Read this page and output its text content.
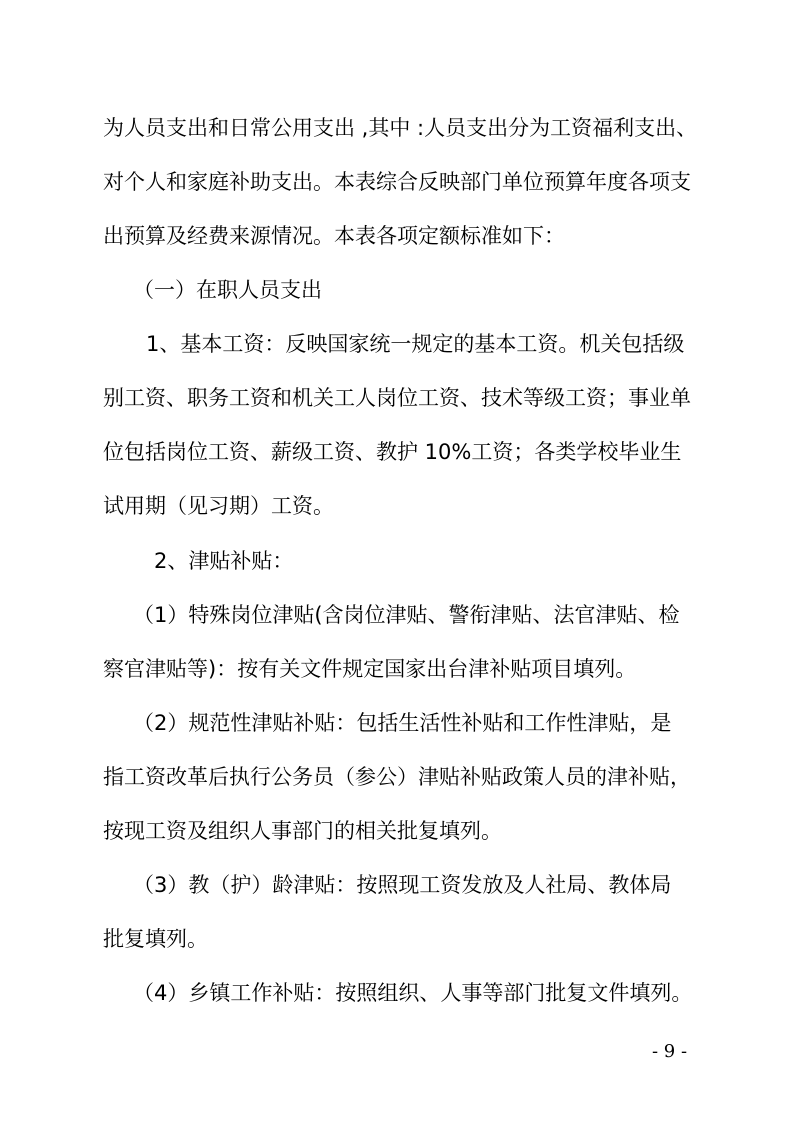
为人员支出和日常公用支出 ,其中 :人员支出分为工资福利支出、
对个人和家庭补助支出。本表综合反映部门单位预算年度各项支
出预算及经费来源情况。本表各项定额标准如下：
（一）在职人员支出
1、基本工资：反映国家统一规定的基本工资。机关包括级
别工资、职务工资和机关工人岗位工资、技术等级工资；事业单
位包括岗位工资、薪级工资、教护 10%工资；各类学校毕业生
试用期（见习期）工资。
2、津贴补贴：
（1）特殊岗位津贴(含岗位津贴、警衔津贴、法官津贴、检
察官津贴等)：按有关文件规定国家出台津补贴项目填列。
（2）规范性津贴补贴：包括生活性补贴和工作性津贴，是
指工资改革后执行公务员（参公）津贴补贴政策人员的津补贴，
按现工资及组织人事部门的相关批复填列。
（3）教（护）龄津贴：按照现工资发放及人社局、教体局
批复填列。
（4）乡镇工作补贴：按照组织、人事等部门批复文件填列。
- 9 -
